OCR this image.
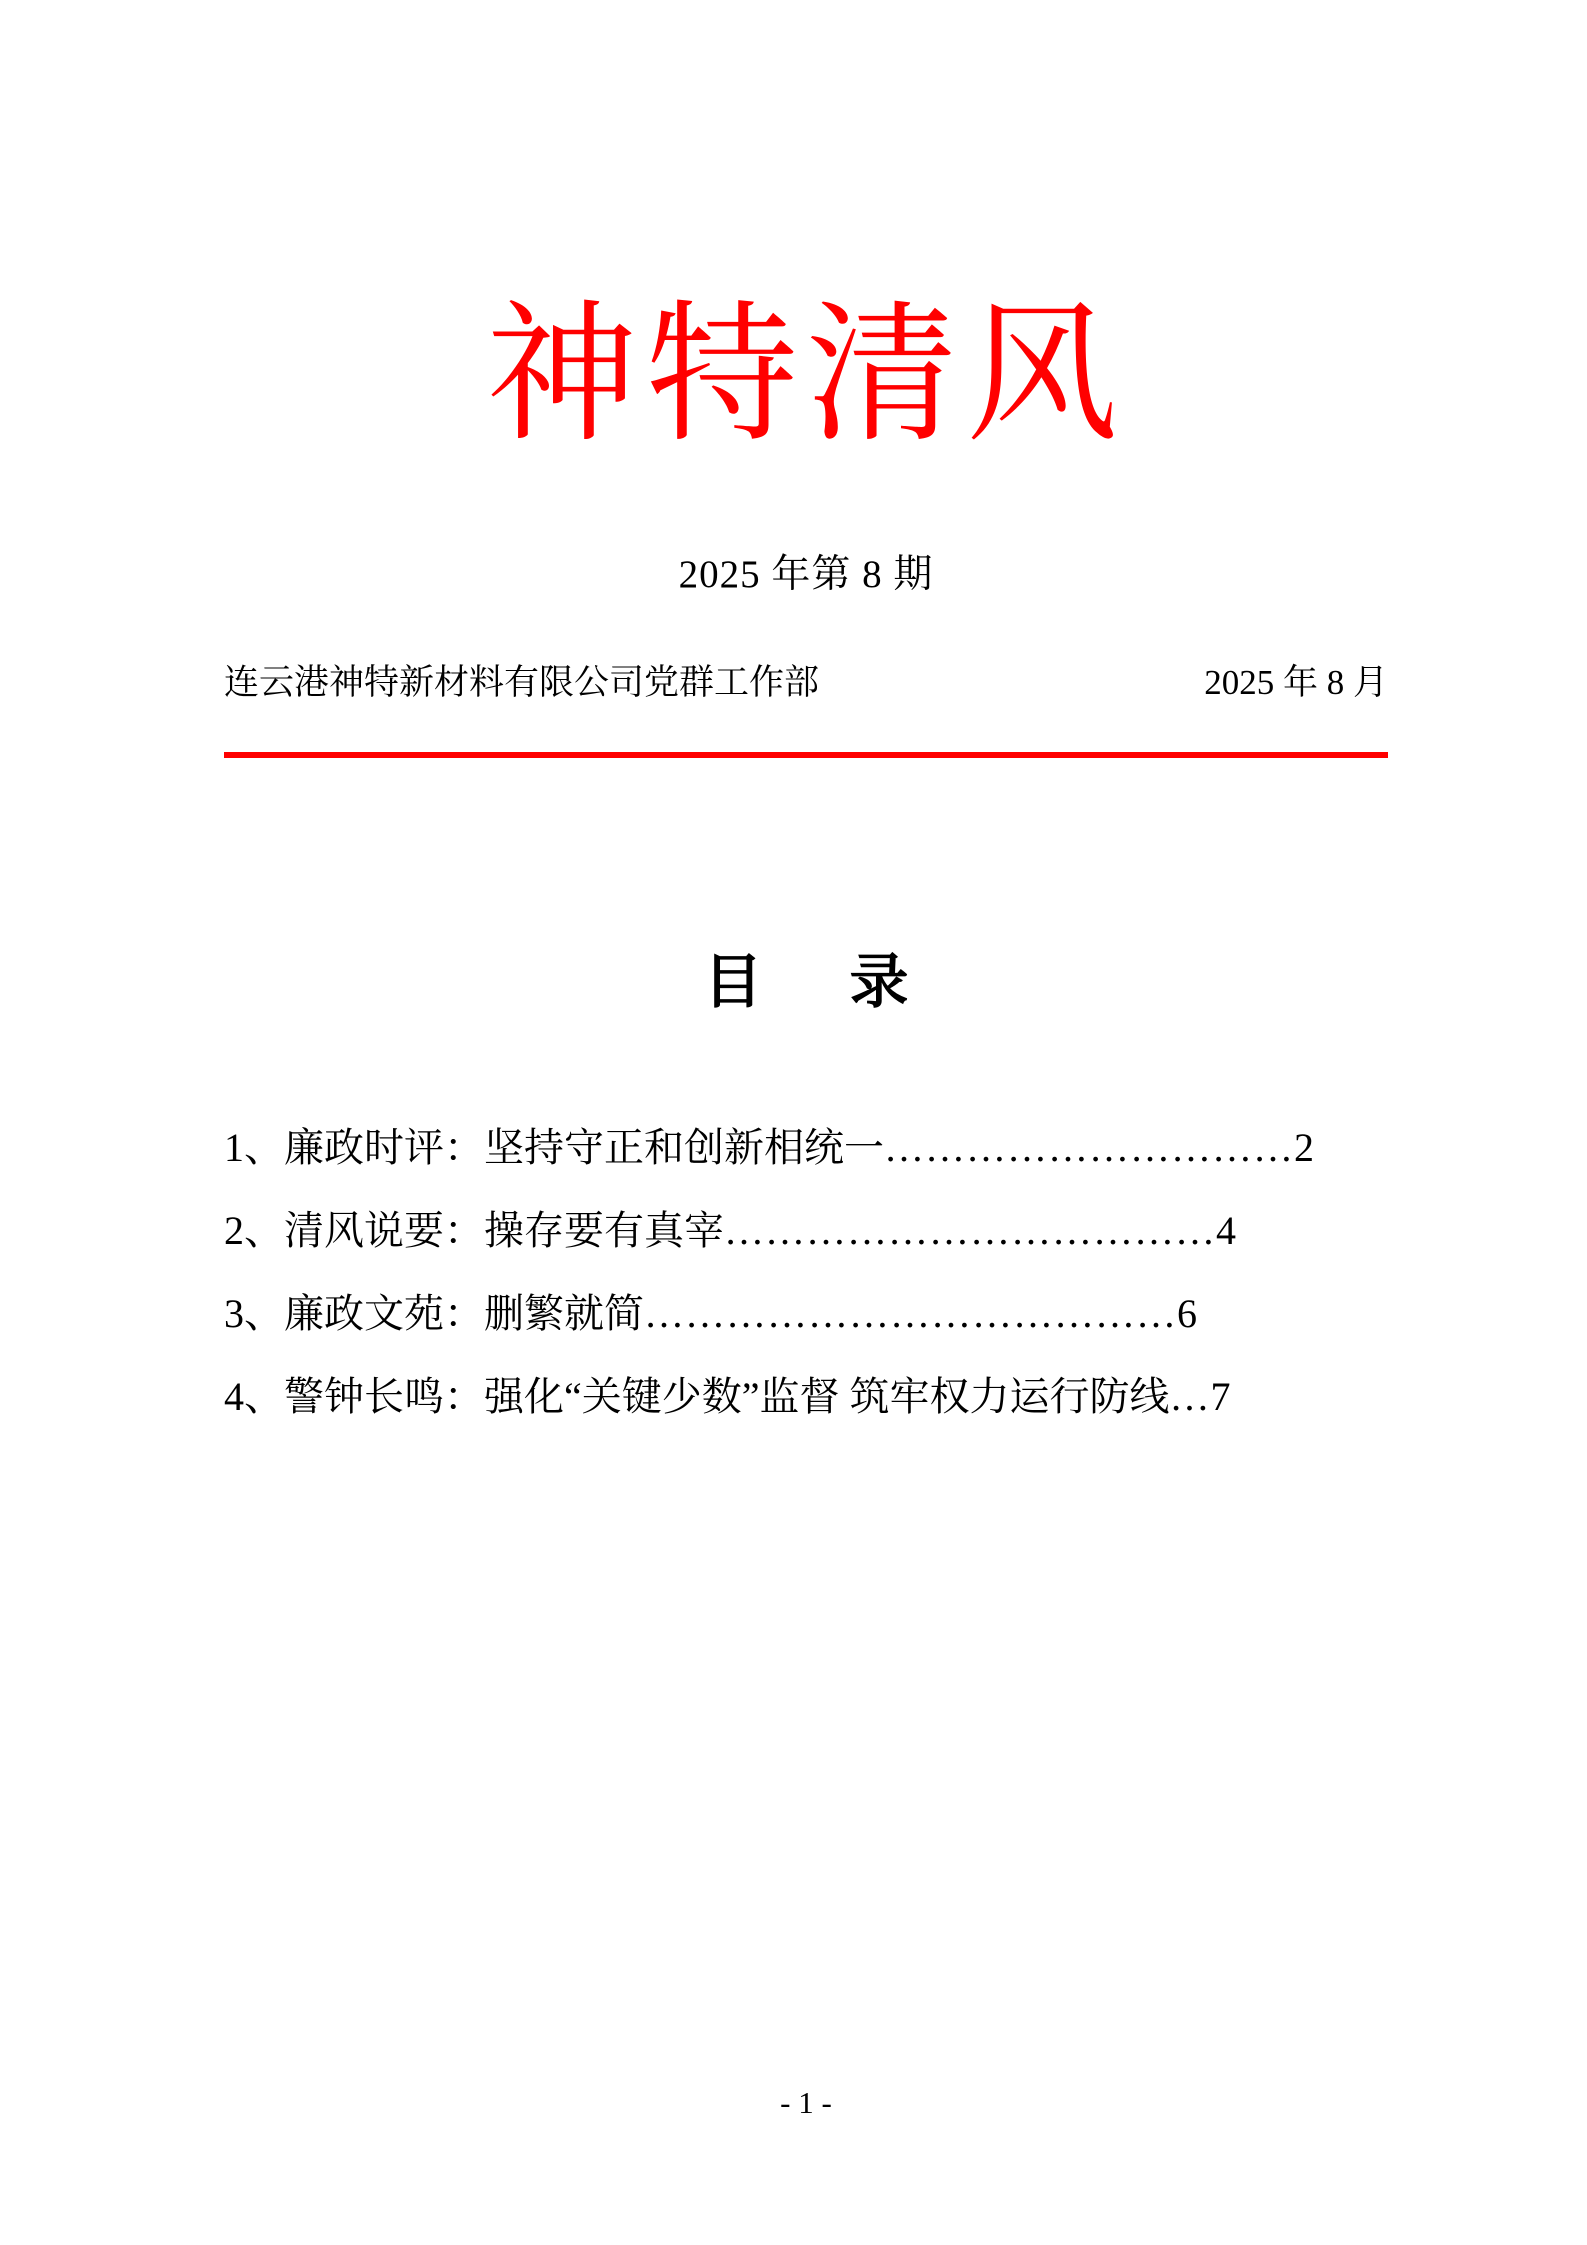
神特清风
2025 年第 8 期
连云港神特新材料有限公司党群工作部	2025 年 8 月
目　录
1、廉政时评：坚持守正和创新相统一…………………………2
2、清风说要：操存要有真宰………………………………4
3、廉政文苑：删繁就简…………………………………6
4、警钟长鸣：强化“关键少数”监督 筑牢权力运行防线…7
- 1 -
